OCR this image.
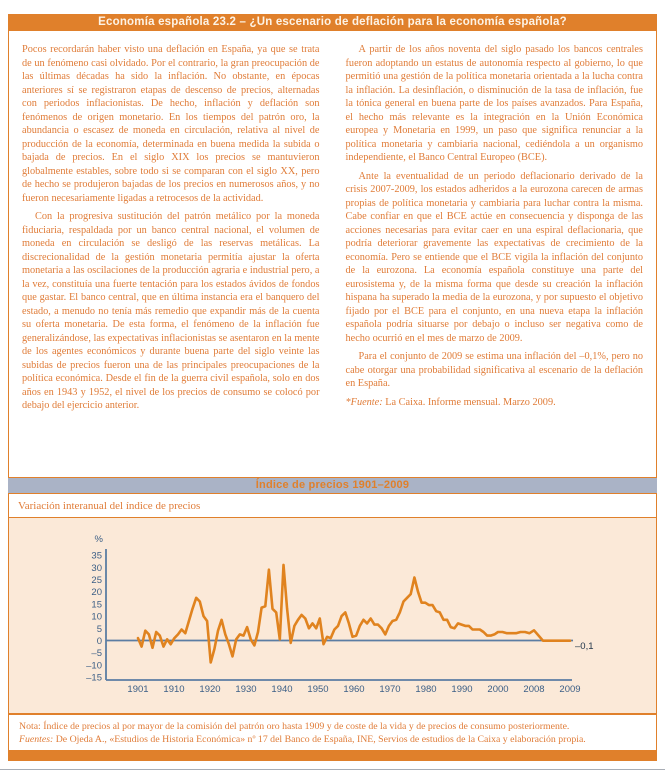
Economía española 23.2 – ¿Un escenario de deflación para la economía española?

Pocos recordarán haber visto una deflación en España, ya que se trata de un fenómeno casi olvidado. Por el contrario, la gran preocupación de las últimas décadas ha sido la inflación. No obstante, en épocas anteriores sí se registraron etapas de descenso de precios, alternadas con periodos inflacionistas. De hecho, inflación y deflación son fenómenos de origen monetario. En los tiempos del patrón oro, la abundancia o escasez de moneda en circulación, relativa al nivel de producción de la economía, determinada en buena medida la subida o bajada de precios. En el siglo XIX los precios se mantuvieron globalmente estables, sobre todo si se comparan con el siglo XX, pero de hecho se produjeron bajadas de los precios en numerosos años, y no fueron necesariamente ligadas a retrocesos de la actividad.

Con la progresiva sustitución del patrón metálico por la moneda fiduciaria, respaldada por un banco central nacional, el volumen de moneda en circulación se desligó de las reservas metálicas. La discrecionalidad de la gestión monetaria permitía ajustar la oferta monetaria a las oscilaciones de la producción agraria e industrial pero, a la vez, constituía una fuerte tentación para los estados ávidos de fondos que gastar. El banco central, que en última instancia era el banquero del estado, a menudo no tenía más remedio que expandir más de la cuenta su oferta monetaria. De esta forma, el fenómeno de la inflación fue generalizándose, las expectativas inflacionistas se asentaron en la mente de los agentes económicos y durante buena parte del siglo veinte las subidas de precios fueron una de las principales preocupaciones de la política económica. Desde el fin de la guerra civil española, solo en dos años en 1943 y 1952, el nivel de los precios de consumo se colocó por debajo del ejercicio anterior.

A partir de los años noventa del siglo pasado los bancos centrales fueron adoptando un estatus de autonomía respecto al gobierno, lo que permitió una gestión de la política monetaria orientada a la lucha contra la inflación. La desinflación, o disminución de la tasa de inflación, fue la tónica general en buena parte de los países avanzados. Para España, el hecho más relevante es la integración en la Unión Económica europea y Monetaria en 1999, un paso que significa renunciar a la política monetaria y cambiaria nacional, cediéndola a un organismo independiente, el Banco Central Europeo (BCE).

Ante la eventualidad de un periodo deflacionario derivado de la crisis 2007-2009, los estados adheridos a la eurozona carecen de armas propias de política monetaria y cambiaria para luchar contra la misma. Cabe confiar en que el BCE actúe en consecuencia y disponga de las acciones necesarias para evitar caer en una espiral deflacionaria, que podría deteriorar gravemente las expectativas de crecimiento de la economía. Pero se entiende que el BCE vigila la inflación del conjunto de la eurozona. La economía española constituye una parte del eurosistema y, de la misma forma que desde su creación la inflación hispana ha superado la media de la eurozona, y por supuesto el objetivo fijado por el BCE para el conjunto, en una nueva etapa la inflación española podría situarse por debajo o incluso ser negativa como de hecho ocurrió en el mes de marzo de 2009.

Para el conjunto de 2009 se estima una inflación del –0,1%, pero no cabe otorgar una probabilidad significativa al escenario de la deflación en España.

*Fuente: La Caixa. Informe mensual. Marzo 2009.

Índice de precios 1901–2009
Variación interanual del índice de precios
%
35
30
25
20
15
10
5
0
–5
–10
–15
1901 1910 1920 1930 1940 1950 1960 1970 1980 1990 2000 2008 2009
–0,1
Nota: Índice de precios al por mayor de la comisión del patrón oro hasta 1909 y de coste de la vida y de precios de consumo posteriormente.
Fuentes: De Ojeda A., «Estudios de Historia Económica» nº 17 del Banco de España, INE, Servios de estudios de la Caixa y elaboración propia.
